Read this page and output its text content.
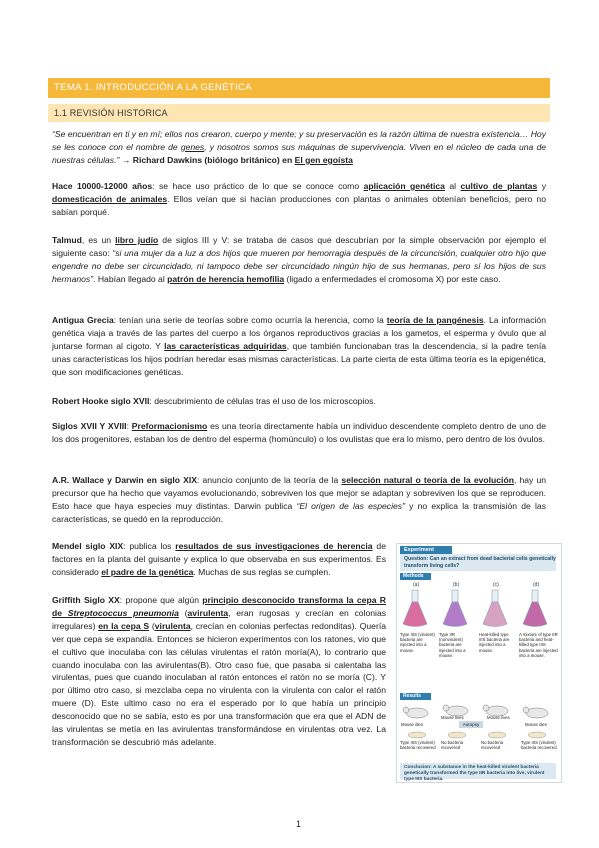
TEMA 1. INTRODUCCIÓN A LA GENÉTICA
1.1 REVISIÓN HISTORICA

“Se encuentran en ti y en mí; ellos nos crearon, cuerpo y mente; y su preservación es la razón última de nuestra existencia… Hoy se les conoce con el nombre de genes, y nosotros somos sus máquinas de supervivencia. Viven en el núcleo de cada una de nuestras células.” → Richard Dawkins (biólogo británico) en El gen egoísta

Hace 10000-12000 años: se hace uso práctico de lo que se conoce como aplicación genética al cultivo de plantas y domesticación de animales. Ellos veían que si hacían producciones con plantas o animales obtenían beneficios, pero no sabían porqué.

Talmud, es un libro judío de siglos III y V: se trataba de casos que descubrían por la simple observación por ejemplo el siguiente caso: “si una mujer da a luz a dos hijos que mueren por hemorragia después de la circuncisión, cualquier otro hijo que engendre no debe ser circuncidado, ni tampoco debe ser circuncidado ningún hijo de sus hermanas, pero sí los hijos de sus hermanos”. Habían llegado al patrón de herencia hemofilia (ligado a enfermedades el cromosoma X) por este caso.

Antigua Grecia: tenían una serie de teorías sobre como ocurría la herencia, como la teoría de la pangénesis. La información genética viaja a través de las partes del cuerpo a los órganos reproductivos gracias a los gametos, el esperma y óvulo que al juntarse forman al cigoto. Y las características adquiridas, que también funcionaban tras la descendencia, si la padre tenía unas características los hijos podrían heredar esas mismas características. La parte cierta de esta última teoría es la epigenética, que son modificaciones genéticas.

Robert Hooke siglo XVII: descubrimiento de células tras el uso de los microscopios.

Siglos XVII Y XVIII: Preformacionismo es una teoría directamente había un individuo descendente completo dentro de uno de los dos progenitores, estaban los de dentro del esperma (homúnculo) o los ovulistas que era lo mismo, pero dentro de los óvulos.

A.R. Wallace y Darwin en siglo XIX: anuncio conjunto de la teoría de la selección natural o teoría de la evolución, hay un precursor que ha hecho que vayamos evolucionando, sobreviven los que mejor se adaptan y sobreviven los que se reproducen. Esto hace que haya especies muy distintas. Darwin publica “El origen de las especies” y no explica la transmisión de las características, se quedó en la reproducción.

Mendel siglo XIX: publica los resultados de sus investigaciones de herencia de factores en la planta del guisante y explica lo que observaba en sus experimentos. Es considerado el padre de la genética. Muchas de sus reglas se cumplen.

Griffith Siglo XX: propone que algún principio desconocido transforma la cepa R de Streptococcus pneumonia (avirulenta, eran rugosas y crecían en colonias irregulares) en la cepa S (virulenta, crecían en colonias perfectas redonditas). Quería ver que cepa se expandía. Entonces se hicieron experimentos con los ratones, vio que el cultivo que inoculaba con las células virulentas el ratón moría(A), lo contrario que cuando inoculaba con las avirulentas(B). Otro caso fue, que pasaba si calentaba las virulentas, pues que cuando inoculaban al ratón entonces el ratón no se moría (C). Y por último otro caso, si mezclaba cepa no virulenta con la virulenta con calor el ratón muere (D). Este ultimo caso no era el esperado por lo que había un principio desconocido que no se sabía, esto es por una transformación que era que el ADN de las virulentas se metía en las avirulentas transformándose en virulentas otra vez. La transformación se descubrió más adelante.

Experiment
Question: Can an extract from dead bacterial cells genetically transform living cells?
Methods
(a)	(b)	(c)	(d)
Type IIIS (virulent) bacteria are injected into a mouse.
Type IIR (nonvirulent) bacteria are injected into a mouse.
Heat-killed type IIIS bacteria are injected into a mouse.
A mixture of type IIR bacteria and heat-killed type IIIS bacteria are injected into a mouse.
Results
Mouse dies
Mouse lives	Mouse lives
Mouse dies
Autopsy
Type IIIS (virulent) bacteria recovered
No bacteria recovered
No bacteria recovered
Type IIIS (virulent) bacteria recovered
Conclusion: A substance in the heat-killed virulent bacteria genetically transformed the type IIR bacteria into live, virulent type IIIS bacteria.
1
